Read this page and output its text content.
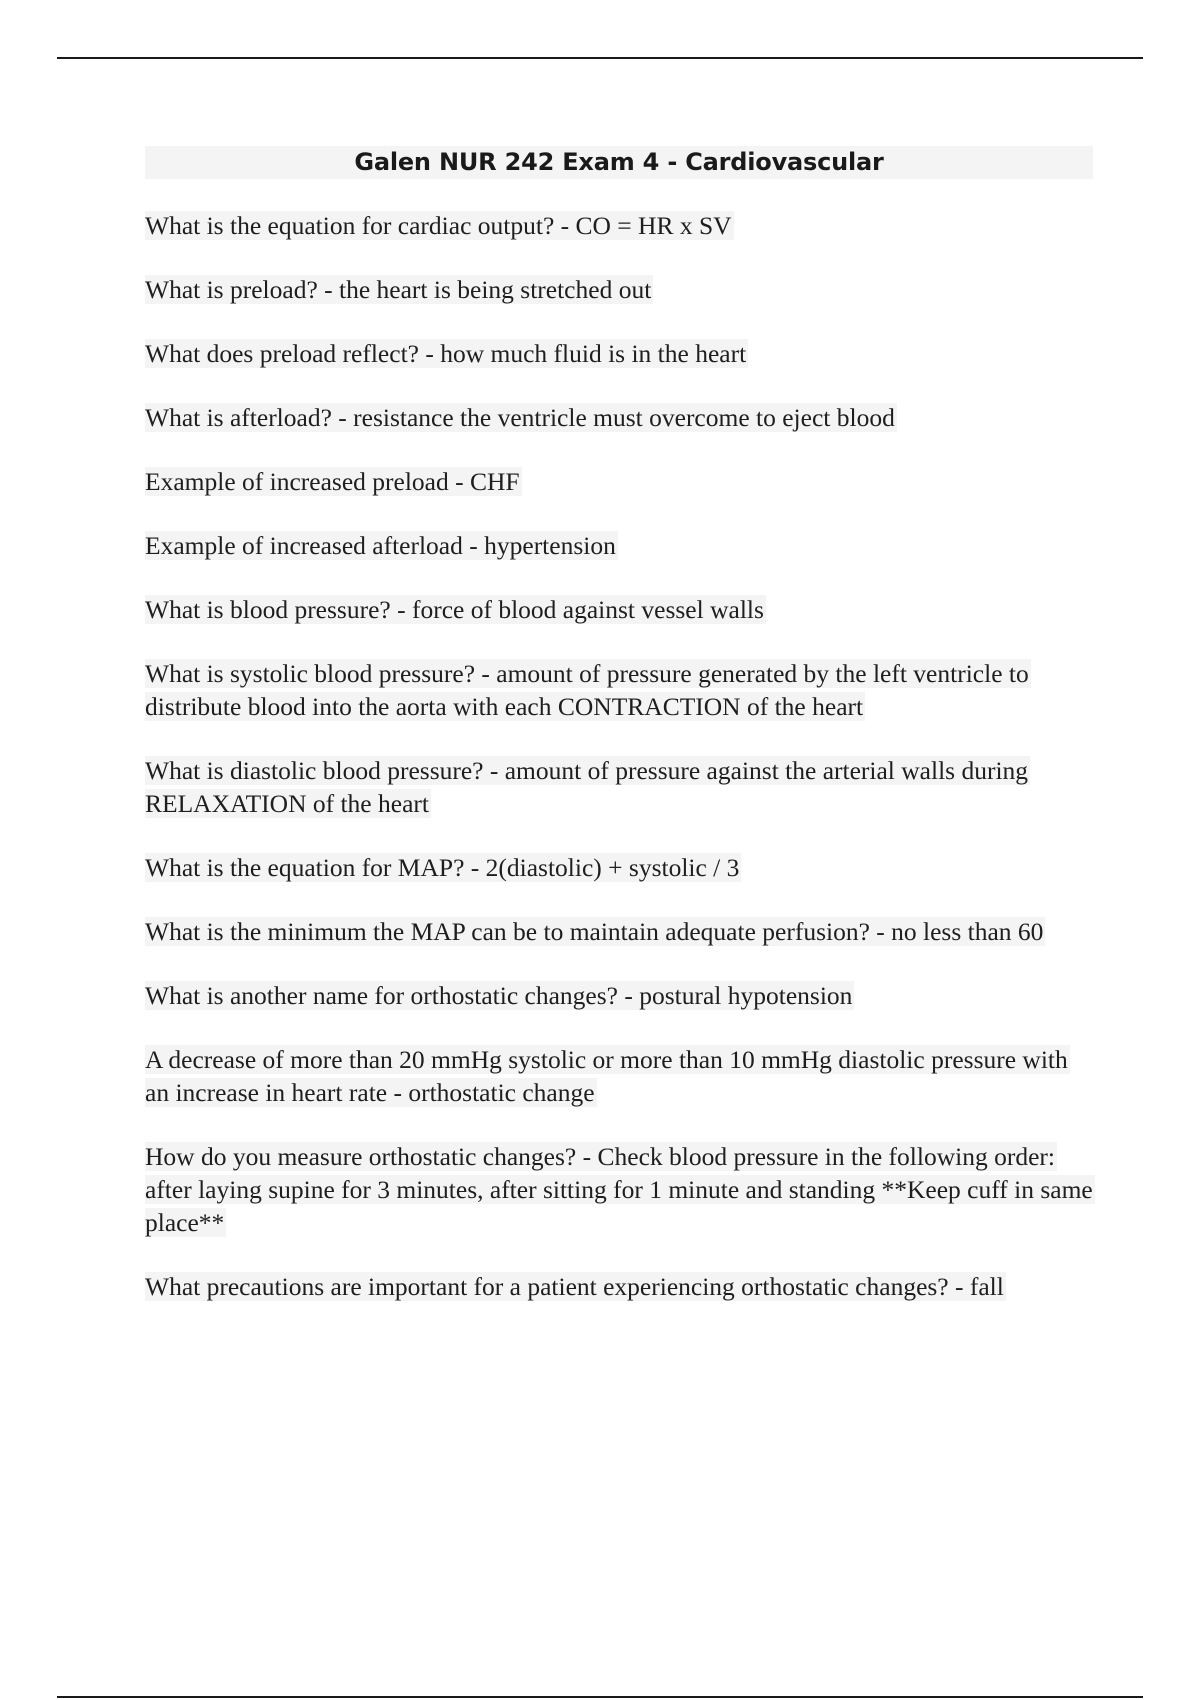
Galen NUR 242 Exam 4 - Cardiovascular
What is the equation for cardiac output? - CO = HR x SV
What is preload? - the heart is being stretched out
What does preload reflect? - how much fluid is in the heart
What is afterload? - resistance the ventricle must overcome to eject blood
Example of increased preload - CHF
Example of increased afterload - hypertension
What is blood pressure? - force of blood against vessel walls
What is systolic blood pressure? - amount of pressure generated by the left ventricle to distribute blood into the aorta with each CONTRACTION of the heart
What is diastolic blood pressure? - amount of pressure against the arterial walls during RELAXATION of the heart
What is the equation for MAP? - 2(diastolic) + systolic / 3
What is the minimum the MAP can be to maintain adequate perfusion? - no less than 60
What is another name for orthostatic changes? - postural hypotension
A decrease of more than 20 mmHg systolic or more than 10 mmHg diastolic pressure with an increase in heart rate - orthostatic change
How do you measure orthostatic changes? - Check blood pressure in the following order: after laying supine for 3 minutes, after sitting for 1 minute and standing **Keep cuff in same place**
What precautions are important for a patient experiencing orthostatic changes? - fall
